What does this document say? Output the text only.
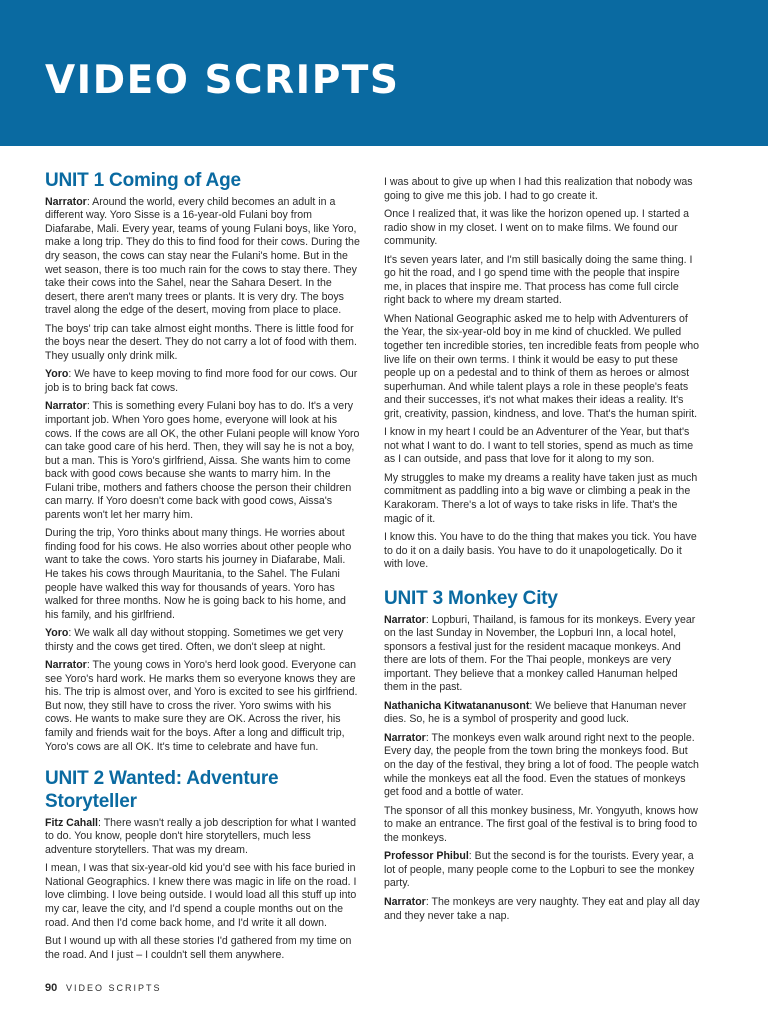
VIDEO SCRIPTS
UNIT 1 Coming of Age

Narrator: Around the world, every child becomes an adult in a different way. Yoro Sisse is a 16-year-old Fulani boy from Diafarabe, Mali. Every year, teams of young Fulani boys, like Yoro, make a long trip. They do this to find food for their cows. During the dry season, the cows can stay near the Fulani's home. But in the wet season, there is too much rain for the cows to stay there. They take their cows into the Sahel, near the Sahara Desert. In the desert, there aren't many trees or plants. It is very dry. The boys travel along the edge of the desert, moving from place to place.

The boys' trip can take almost eight months. There is little food for the boys near the desert. They do not carry a lot of food with them. They usually only drink milk.

Yoro: We have to keep moving to find more food for our cows. Our job is to bring back fat cows.

Narrator: This is something every Fulani boy has to do. It's a very important job. When Yoro goes home, everyone will look at his cows. If the cows are all OK, the other Fulani people will know Yoro can take good care of his herd. Then, they will say he is not a boy, but a man. This is Yoro's girlfriend, Aissa. She wants him to come back with good cows because she wants to marry him. In the Fulani tribe, mothers and fathers choose the person their children can marry. If Yoro doesn't come back with good cows, Aissa's parents won't let her marry him.

During the trip, Yoro thinks about many things. He worries about finding food for his cows. He also worries about other people who want to take the cows. Yoro starts his journey in Diafarabe, Mali. He takes his cows through Mauritania, to the Sahel. The Fulani people have walked this way for thousands of years. Yoro has walked for three months. Now he is going back to his home, and his family, and his girlfriend.

Yoro: We walk all day without stopping. Sometimes we get very thirsty and the cows get tired. Often, we don't sleep at night.

Narrator: The young cows in Yoro's herd look good. Everyone can see Yoro's hard work. He marks them so everyone knows they are his. The trip is almost over, and Yoro is excited to see his girlfriend. But now, they still have to cross the river. Yoro swims with his cows. He wants to make sure they are OK. Across the river, his family and friends wait for the boys. After a long and difficult trip, Yoro's cows are all OK. It's time to celebrate and have fun.

UNIT 2 Wanted: Adventure Storyteller

Fitz Cahall: There wasn't really a job description for what I wanted to do. You know, people don't hire storytellers, much less adventure storytellers. That was my dream.

I mean, I was that six-year-old kid you'd see with his face buried in National Geographics. I knew there was magic in life on the road. I love climbing. I love being outside. I would load all this stuff up into my car, leave the city, and I'd spend a couple months out on the road. And then I'd come back home, and I'd write it all down.

But I wound up with all these stories I'd gathered from my time on the road. And I just – I couldn't sell them anywhere.

I was about to give up when I had this realization that nobody was going to give me this job. I had to go create it.

Once I realized that, it was like the horizon opened up. I started a radio show in my closet. I went on to make films. We found our community.

It's seven years later, and I'm still basically doing the same thing. I go hit the road, and I go spend time with the people that inspire me, in places that inspire me. That process has come full circle right back to where my dream started.

When National Geographic asked me to help with Adventurers of the Year, the six-year-old boy in me kind of chuckled. We pulled together ten incredible stories, ten incredible feats from people who live life on their own terms. I think it would be easy to put these people up on a pedestal and to think of them as heroes or almost superhuman. And while talent plays a role in these people's feats and their successes, it's not what makes their ideas a reality. It's grit, creativity, passion, kindness, and love. That's the human spirit.

I know in my heart I could be an Adventurer of the Year, but that's not what I want to do. I want to tell stories, spend as much as time as I can outside, and pass that love for it along to my son.

My struggles to make my dreams a reality have taken just as much commitment as paddling into a big wave or climbing a peak in the Karakoram. There's a lot of ways to take risks in life. That's the magic of it.

I know this. You have to do the thing that makes you tick. You have to do it on a daily basis. You have to do it unapologetically. Do it with love.

UNIT 3 Monkey City

Narrator: Lopburi, Thailand, is famous for its monkeys. Every year on the last Sunday in November, the Lopburi Inn, a local hotel, sponsors a festival just for the resident macaque monkeys. And there are lots of them. For the Thai people, monkeys are very important. They believe that a monkey called Hanuman helped them in the past.

Nathanicha Kitwatananusont: We believe that Hanuman never dies. So, he is a symbol of prosperity and good luck.

Narrator: The monkeys even walk around right next to the people. Every day, the people from the town bring the monkeys food. But on the day of the festival, they bring a lot of food. The people watch while the monkeys eat all the food. Even the statues of monkeys get food and a bottle of water.

The sponsor of all this monkey business, Mr. Yongyuth, knows how to make an entrance. The first goal of the festival is to bring food to the monkeys.

Professor Phibul: But the second is for the tourists. Every year, a lot of people, many people come to the Lopburi to see the monkey party.

Narrator: The monkeys are very naughty. They eat and play all day and they never take a nap.

90 VIDEO SCRIPTS
